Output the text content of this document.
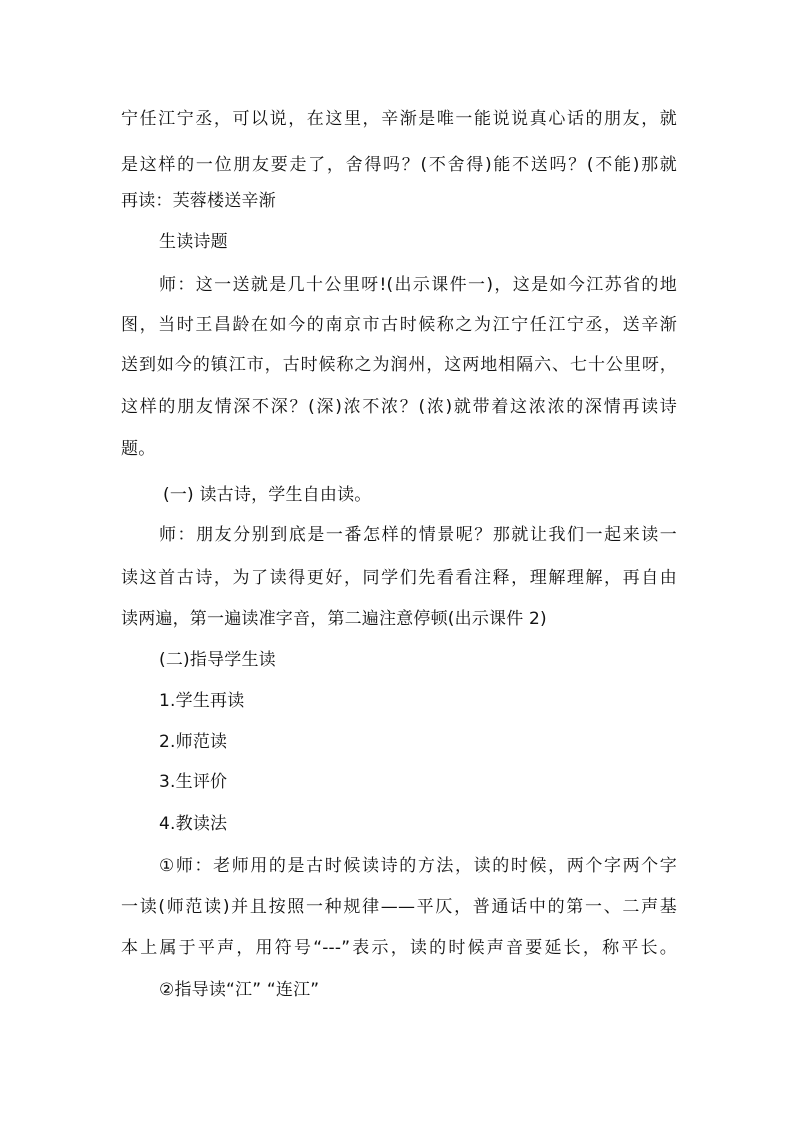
宁任江宁丞，可以说，在这里，辛渐是唯一能说说真心话的朋友，就
是这样的一位朋友要走了，舍得吗？(不舍得)能不送吗？(不能)那就
再读：芙蓉楼送辛渐
生读诗题
师：这一送就是几十公里呀!(出示课件一)，这是如今江苏省的地
图，当时王昌龄在如今的南京市古时候称之为江宁任江宁丞，送辛渐
送到如今的镇江市，古时候称之为润州，这两地相隔六、七十公里呀，
这样的朋友情深不深？(深)浓不浓？(浓)就带着这浓浓的深情再读诗
题。
(一) 读古诗，学生自由读。
师：朋友分别到底是一番怎样的情景呢？那就让我们一起来读一
读这首古诗，为了读得更好，同学们先看看注释，理解理解，再自由
读两遍，第一遍读准字音，第二遍注意停顿(出示课件 2)
(二)指导学生读
1.学生再读
2.师范读
3.生评价
4.教读法
①师：老师用的是古时候读诗的方法，读的时候，两个字两个字
一读(师范读)并且按照一种规律——平仄，普通话中的第一、二声基
本上属于平声，用符号“---”表示，读的时候声音要延长，称平长。
②指导读“江” “连江”
